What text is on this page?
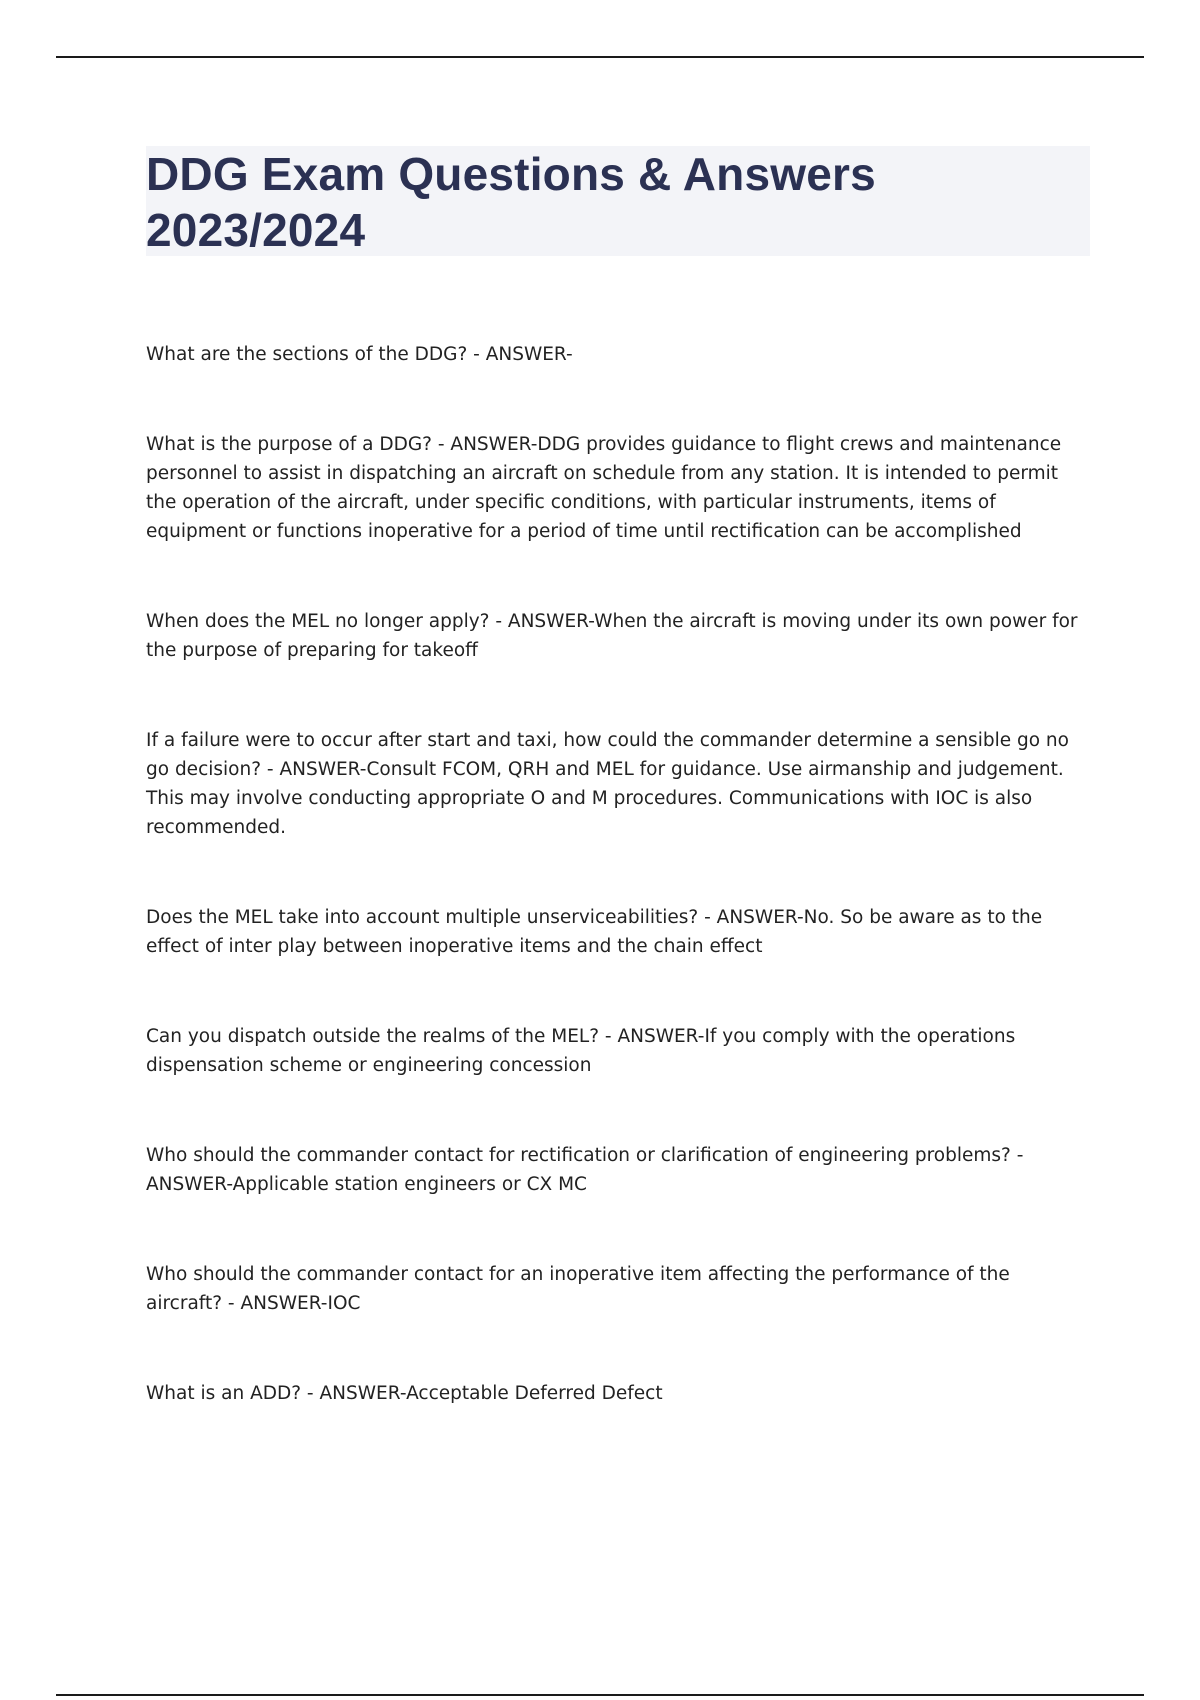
DDG Exam Questions & Answers 2023/2024

What are the sections of the DDG? - ANSWER-

What is the purpose of a DDG? - ANSWER-DDG provides guidance to flight crews and maintenance personnel to assist in dispatching an aircraft on schedule from any station. It is intended to permit the operation of the aircraft, under specific conditions, with particular instruments, items of equipment or functions inoperative for a period of time until rectification can be accomplished

When does the MEL no longer apply? - ANSWER-When the aircraft is moving under its own power for the purpose of preparing for takeoff

If a failure were to occur after start and taxi, how could the commander determine a sensible go no go decision? - ANSWER-Consult FCOM, QRH and MEL for guidance. Use airmanship and judgement. This may involve conducting appropriate O and M procedures. Communications with IOC is also recommended.

Does the MEL take into account multiple unserviceabilities? - ANSWER-No. So be aware as to the effect of inter play between inoperative items and the chain effect

Can you dispatch outside the realms of the MEL? - ANSWER-If you comply with the operations dispensation scheme or engineering concession

Who should the commander contact for rectification or clarification of engineering problems? - ANSWER-Applicable station engineers or CX MC

Who should the commander contact for an inoperative item affecting the performance of the aircraft? - ANSWER-IOC

What is an ADD? - ANSWER-Acceptable Deferred Defect
